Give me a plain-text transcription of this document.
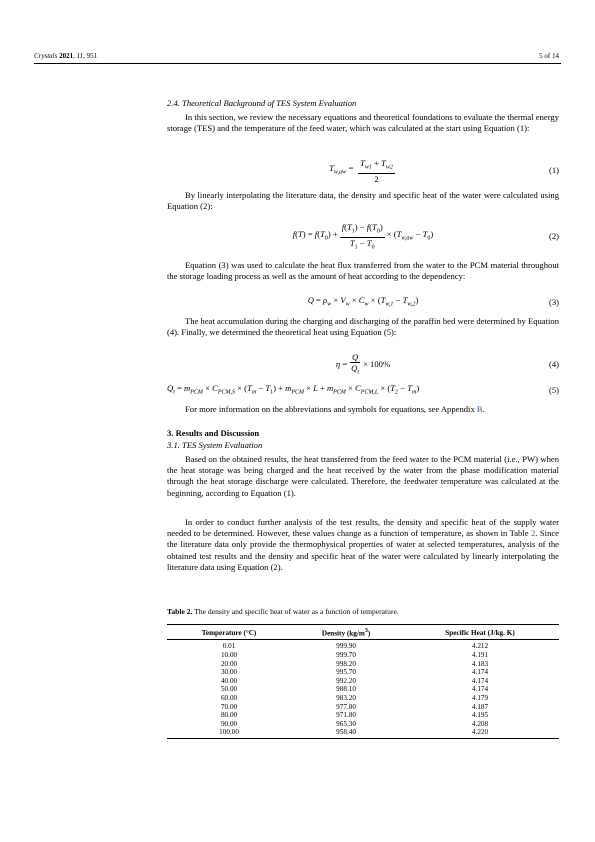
Crystals 2021, 11, 951	5 of 14
2.4. Theoretical Background of TES System Evaluation

In this section, we review the necessary equations and theoretical foundations to evaluate the thermal energy storage (TES) and the temperature of the feed water, which was calculated at the start using Equation (1):

$T_{w,aw} = \frac{T_{w1} + T_{w2}}{2}$	(1)

By linearly interpolating the literature data, the density and specific heat of the water were calculated using Equation (2):

$f(T) = f(T_0) + \frac{f(T_1) - f(T_0)}{T_1 - T_0} \times (T_{w,aw} - T_0)$	(2)

Equation (3) was used to calculate the heat flux transferred from the water to the PCM material throughout the storage loading process as well as the amount of heat according to the dependency:

$Q = \rho_w \times V_w \times C_w \times (T_{w,1} - T_{w,2})$	(3)

The heat accumulation during the charging and discharging of the paraffin bed were determined by Equation (4). Finally, we determined the theoretical heat using Equation (5):

$\eta = \frac{Q}{Q_t} \times 100\%$	(4)
$Q_t = m_{PCM} \times C_{PCM,S} \times (T_m - T_1) + m_{PCM} \times L + m_{PCM} \times C_{PCM,L} \times (T_2 - T_m)$	(5)

For more information on the abbreviations and symbols for equations, see Appendix B.

3. Results and Discussion
3.1. TES System Evaluation

Based on the obtained results, the heat transferred from the feed water to the PCM material (i.e., PW) when the heat storage was being charged and the heat received by the water from the phase modification material through the heat storage discharge were calculated. Therefore, the feedwater temperature was calculated at the beginning, according to Equation (1).

In order to conduct further analysis of the test results, the density and specific heat of the supply water needed to be determined. However, these values change as a function of temperature, as shown in Table 2. Since the literature data only provide the thermophysical properties of water at selected temperatures, analysis of the obtained test results and the density and specific heat of the water were calculated by linearly interpolating the literature data using Equation (2).

Table 2. The density and specific heat of water as a function of temperature.
Temperature (°C)	Density $(kg/m^3)$	Specific Heat (J/kg. K)
0.01	999.90	4.212
10.00	999.70	4.191
20.00	998.20	4.183
30.00	995.70	4.174
40.00	992.20	4.174
50.00	988.10	4.174
60.00	983.20	4.179
70.00	977.80	4.187
80.00	971.80	4.195
90.00	965.30	4.208
100.00	958.40	4.220
